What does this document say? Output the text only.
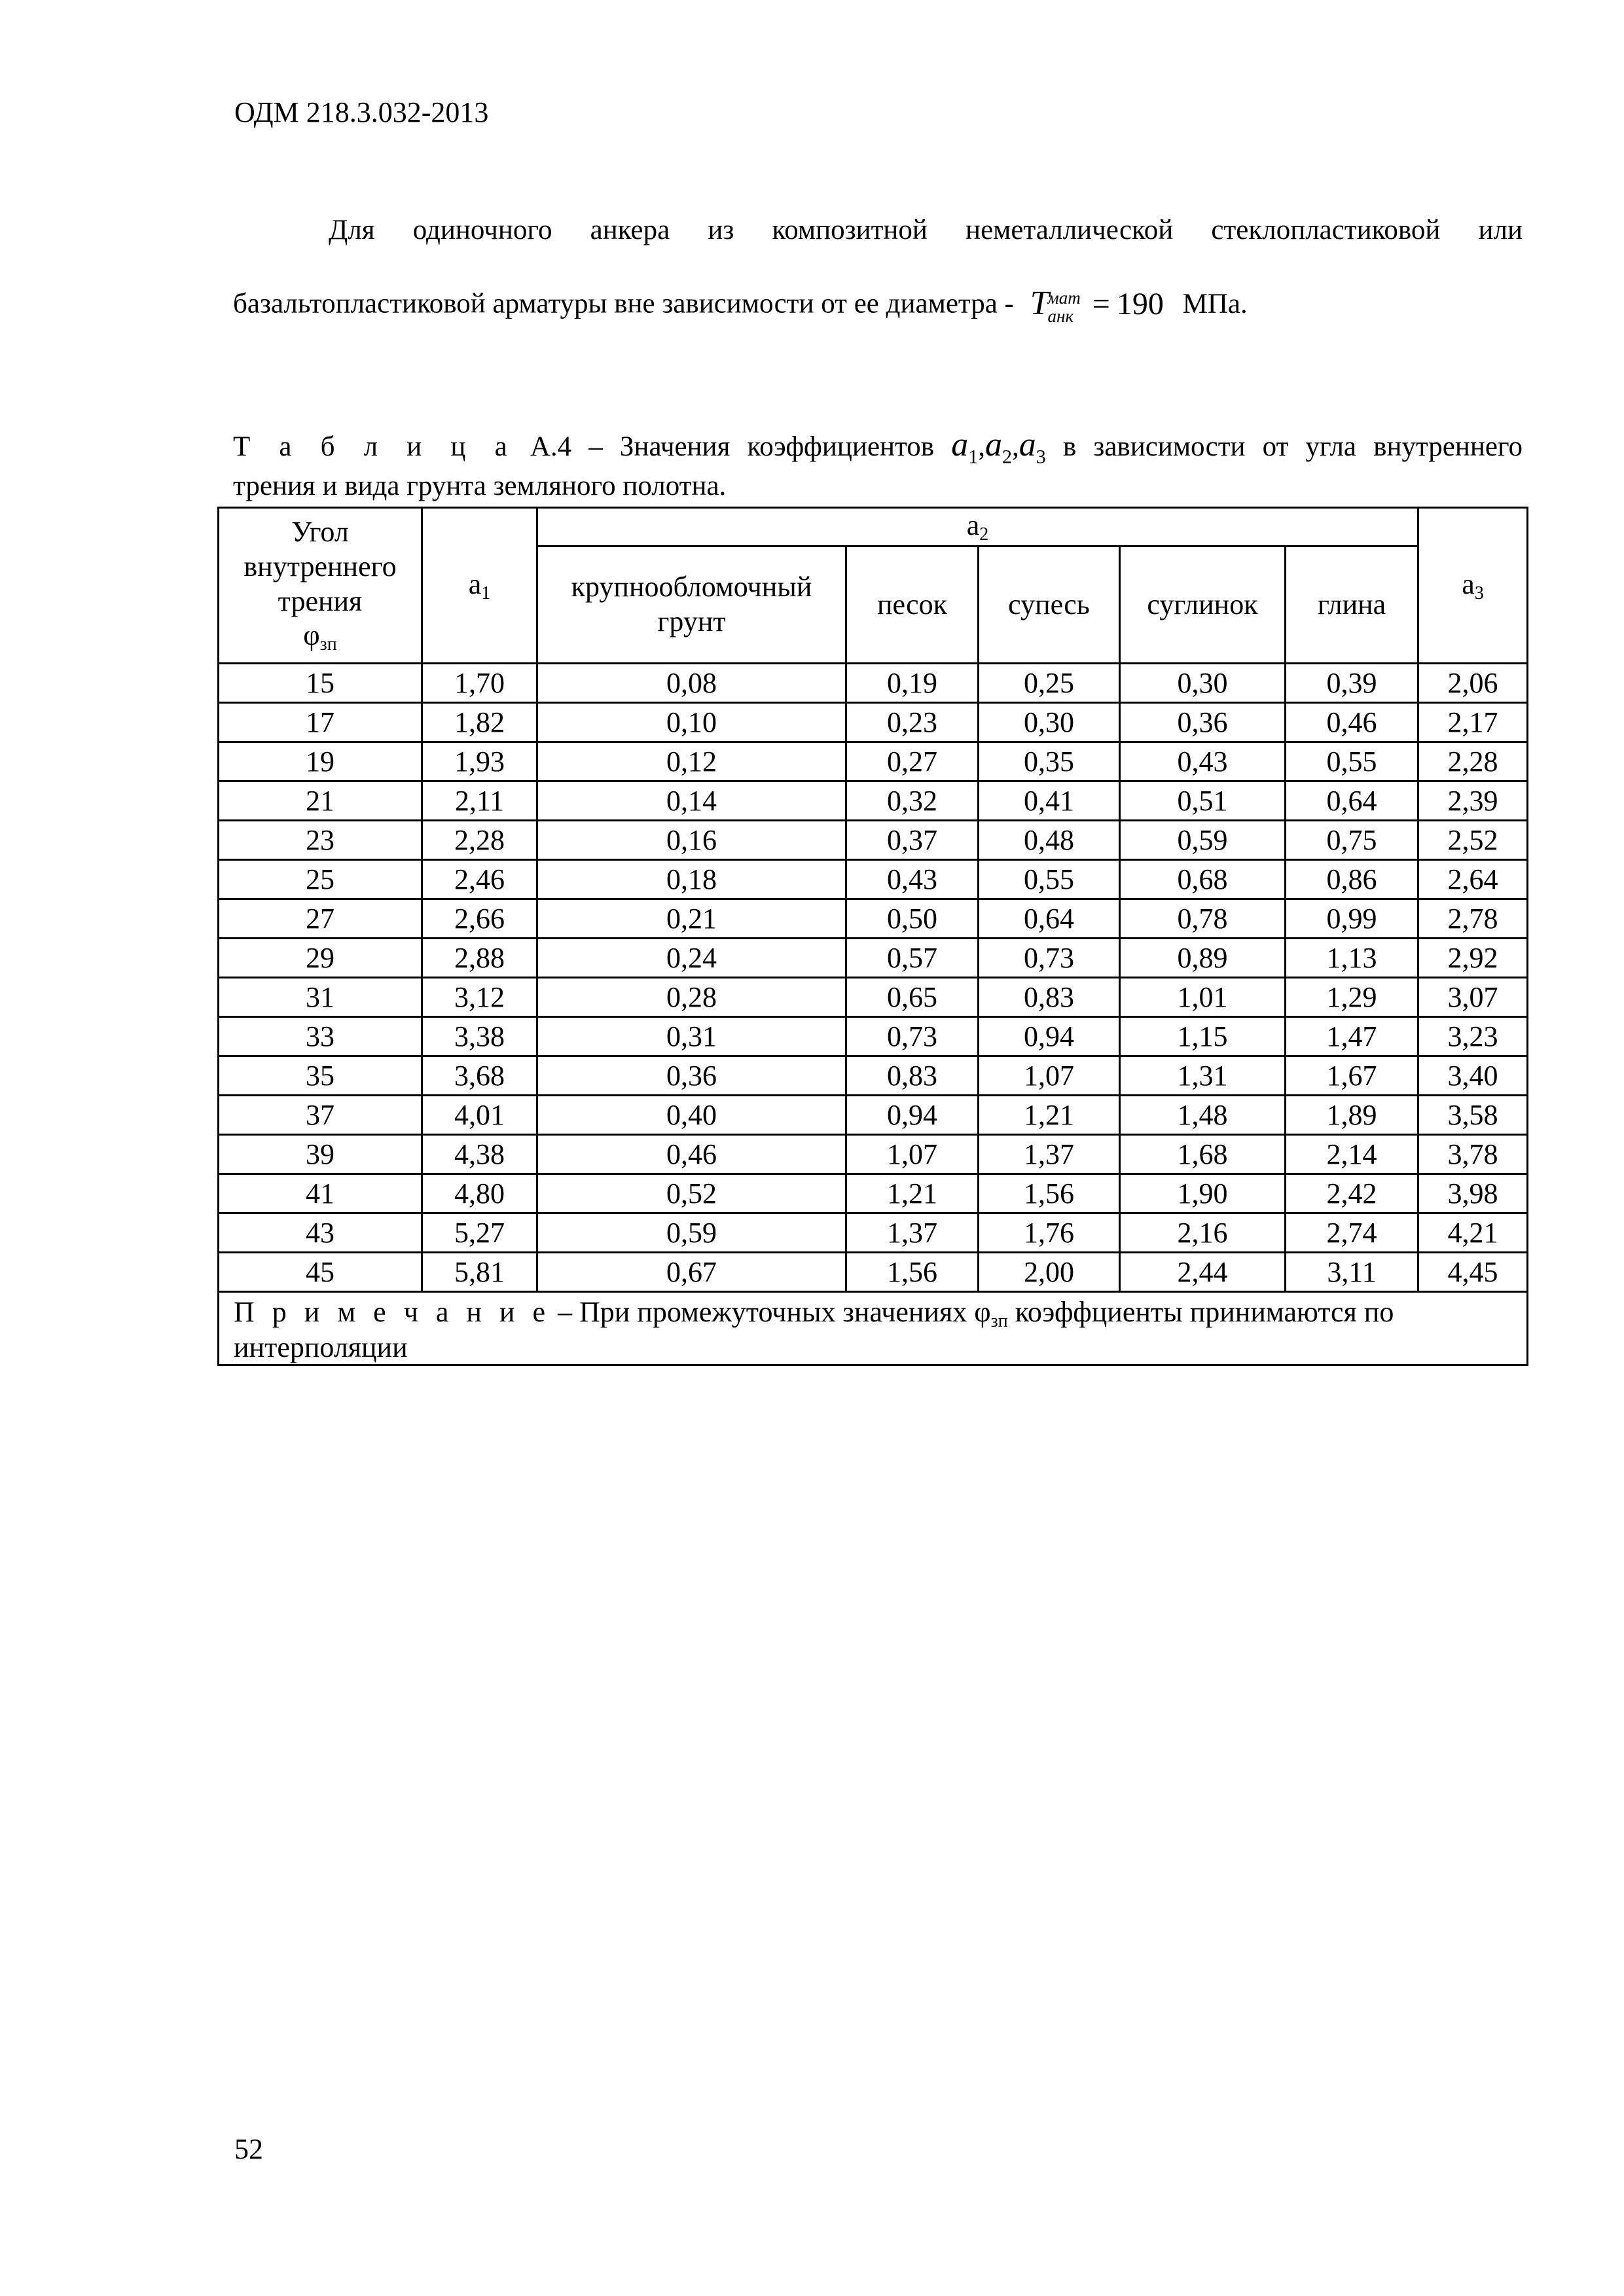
ОДМ 218.3.032-2013
Для одиночного анкера из композитной неметаллической стеклопластиковой или
базальтопластиковой арматуры вне зависимости от ее диаметра - Tмат
анк = 190 МПа.
Т а б л и ц а А.4 – Значения коэффициентов $a_1,a_2,a_3$ в зависимости от угла внутреннего
трения и вида грунта земляного полотна.
Угол
внутреннего
трения
$\varphi_{зп}$	$a_1$	$a_2$					$a_3$
		крупнообломочный грунт	песок	супесь	суглинок	глина	
15	1,70	0,08	0,19	0,25	0,30	0,39	2,06
17	1,82	0,10	0,23	0,30	0,36	0,46	2,17
19	1,93	0,12	0,27	0,35	0,43	0,55	2,28
21	2,11	0,14	0,32	0,41	0,51	0,64	2,39
23	2,28	0,16	0,37	0,48	0,59	0,75	2,52
25	2,46	0,18	0,43	0,55	0,68	0,86	2,64
27	2,66	0,21	0,50	0,64	0,78	0,99	2,78
29	2,88	0,24	0,57	0,73	0,89	1,13	2,92
31	3,12	0,28	0,65	0,83	1,01	1,29	3,07
33	3,38	0,31	0,73	0,94	1,15	1,47	3,23
35	3,68	0,36	0,83	1,07	1,31	1,67	3,40
37	4,01	0,40	0,94	1,21	1,48	1,89	3,58
39	4,38	0,46	1,07	1,37	1,68	2,14	3,78
41	4,80	0,52	1,21	1,56	1,90	2,42	3,98
43	5,27	0,59	1,37	1,76	2,16	2,74	4,21
45	5,81	0,67	1,56	2,00	2,44	3,11	4,45
П р и м е ч а н и е – При промежуточных значениях $\varphi_{зп}$ коэффциенты принимаются по
интерполяции							
52
